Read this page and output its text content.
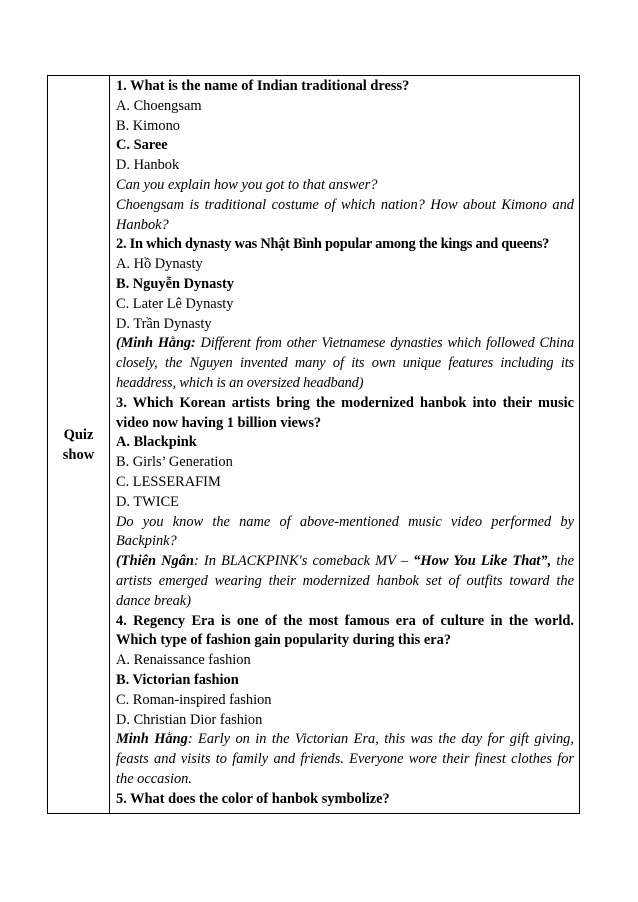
Quiz
show

1. What is the name of Indian traditional dress?

A. Choengsam

B. Kimono

C. Saree

D. Hanbok

Can you explain how you got to that answer?

Choengsam is traditional costume of which nation? How about Kimono and Hanbok?

2. In which dynasty was Nhật Bình popular among the kings and queens?

A. Hồ Dynasty

B. Nguyễn Dynasty

C. Later Lê Dynasty

D. Trần Dynasty

(Minh Hằng: Different from other Vietnamese dynasties which followed China closely, the Nguyen invented many of its own unique features including its headdress, which is an oversized headband)

3. Which Korean artists bring the modernized hanbok into their music video now having 1 billion views?

A. Blackpink

B. Girls’ Generation

C. LESSERAFIM

D. TWICE

Do you know the name of above-mentioned music video performed by Backpink?

(Thiên Ngân: In BLACKPINK's comeback MV – “How You Like That”, the artists emerged wearing their modernized hanbok set of outfits toward the dance break)

4. Regency Era is one of the most famous era of culture in the world. Which type of fashion gain popularity during this era?

A. Renaissance fashion

B. Victorian fashion

C. Roman-inspired fashion

D. Christian Dior fashion

Minh Hằng: Early on in the Victorian Era, this was the day for gift giving, feasts and visits to family and friends. Everyone wore their finest clothes for the occasion.

5. What does the color of hanbok symbolize?
